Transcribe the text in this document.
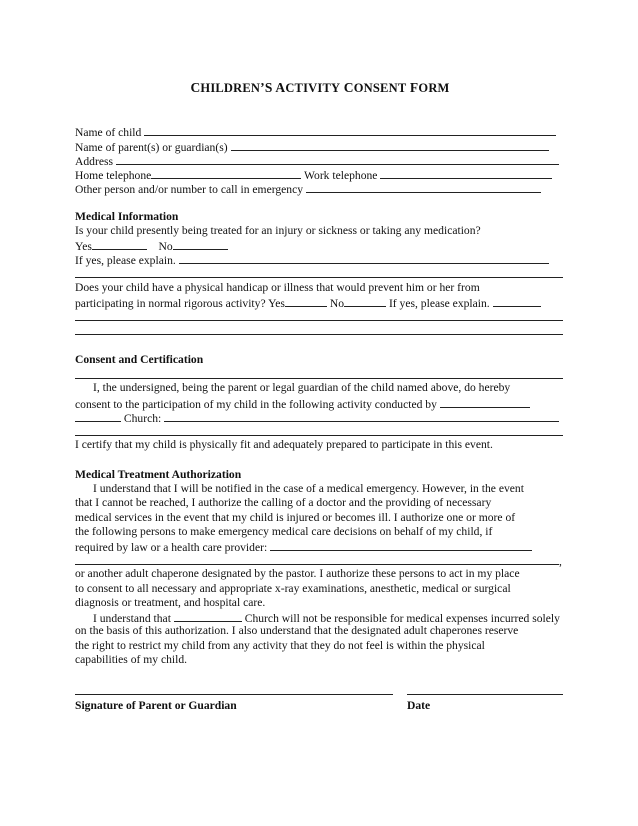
CHILDREN’S ACTIVITY CONSENT FORM
Name of child
Name of parent(s) or guardian(s)
Address
Home telephone	Work telephone
Other person and/or number to call in emergency
Medical Information
Is your child presently being treated for an injury or sickness or taking any medication?
Yes	No
If yes, please explain.
Does your child have a physical handicap or illness that would prevent him or her from
participating in normal rigorous activity? Yes	No	If yes, please explain.
Consent and Certification
I, the undersigned, being the parent or legal guardian of the child named above, do hereby
consent to the participation of my child in the following activity conducted by
Church:
I certify that my child is physically fit and adequately prepared to participate in this event.
Medical Treatment Authorization
I understand that I will be notified in the case of a medical emergency. However, in the event
that I cannot be reached, I authorize the calling of a doctor and the providing of necessary
medical services in the event that my child is injured or becomes ill. I authorize one or more of
the following persons to make emergency medical care decisions on behalf of my child, if
required by law or a health care provider:
,
or another adult chaperone designated by the pastor. I authorize these persons to act in my place
to consent to all necessary and appropriate x-ray examinations, anesthetic, medical or surgical
diagnosis or treatment, and hospital care.
I understand that	Church will not be responsible for medical expenses incurred solely
on the basis of this authorization. I also understand that the designated adult chaperones reserve
the right to restrict my child from any activity that they do not feel is within the physical
capabilities of my child.
Signature of Parent or Guardian	Date
